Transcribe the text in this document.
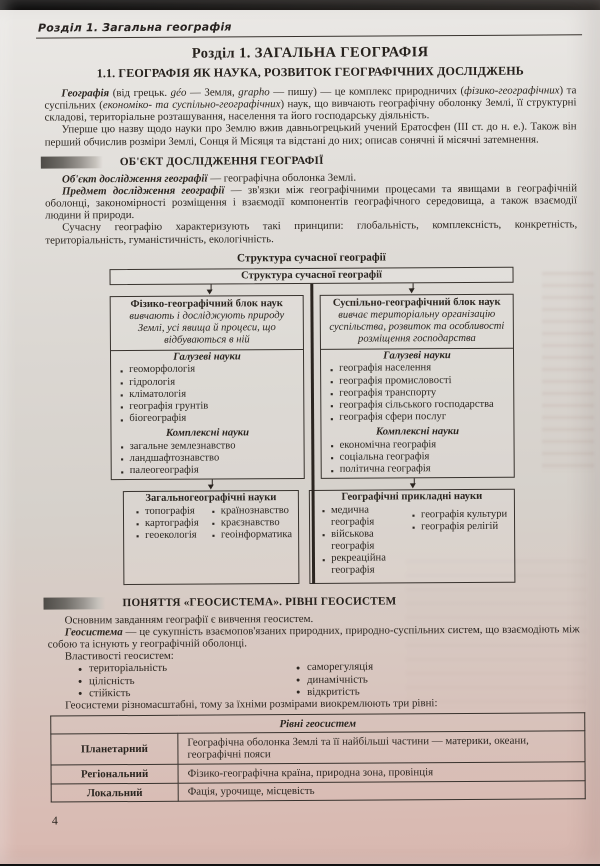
Розділ 1. Загальна географія
Розділ 1. ЗАГАЛЬНА ГЕОГРАФІЯ
1.1. ГЕОГРАФІЯ ЯК НАУКА, РОЗВИТОК ГЕОГРАФІЧНИХ ДОСЛІДЖЕНЬ

Географія (від грецьк. géo — Земля, grapho — пишу) — це комплекс природничих (фізико-географічних) та суспільних (економіко- та суспільно-географічних) наук, що вивчають географічну оболонку Землі, її структурні складові, територіальне розташування, населення та його господарську діяльність.

Уперше цю назву щодо науки про Землю вжив давньогрецький учений Ератосфен (III ст. до н. е.). Також він перший обчислив розміри Землі, Сонця й Місяця та відстані до них; описав сонячні й місячні затемнення.

ОБ'ЄКТ ДОСЛІДЖЕННЯ ГЕОГРАФІЇ

Об'єкт дослідження географії — географічна оболонка Землі.

Предмет дослідження географії — зв'язки між географічними процесами та явищами в географічній оболонці, закономірності розміщення і взаємодії компонентів географічного середовища, а також взаємодії людини й природи.

Сучасну географію характеризують такі принципи: глобальність, комплексність, конкретність, територіальність, гуманістичність, екологічність.

Структура сучасної географії
Структура сучасної географії
Фізико-географічний блок наук
вивчають і досліджують природу Землі, усі явища й процеси, що відбуваються в ній
Галузеві науки
▪ геоморфологія
▪ гідрологія
▪ кліматологія
▪ географія грунтів
▪ біогеографія
Комплексні науки
▪ загальне землезнавство
▪ ландшафтознавство
▪ палеогеографія
Суспільно-географічний блок наук
вивчає територіальну організацію суспільства, розвиток та особливості розміщення господарства
Галузеві науки
▪ географія населення
▪ географія промисловості
▪ географія транспорту
▪ географія сільського господарства
▪ географія сфери послуг
Комплексні науки
▪ економічна географія
▪ соціальна географія
▪ політична географія
Загальногеографічні науки
▪ топографія
▪ картографія
▪ геоекологія
▪ країнознавство
▪ краєзнавство
▪ геоінформатика
Географічні прикладні науки
▪ медична географія
▪ військова географія
▪ рекреаційна географія
▪ географія культури
▪ географія релігій
ПОНЯТТЯ «ГЕОСИСТЕМА». РІВНІ ГЕОСИСТЕМ

Основним завданням географії є вивчення геосистем.

Геосистема — це сукупність взаємопов'язаних природних, природно-суспільних систем, що взаємодіють між собою та існують у географічній оболонці.

Властивості геосистем:

● територіальність
● цілісність
● стійкість
● саморегуляція
● динамічність
● відкритість

Геосистеми різномасштабні, тому за їхніми розмірами виокремлюють три рівні:

Рівні геосистем	
Планетарний	Географічна оболонка Землі та її найбільші частини — материки, океани, географічні пояси
Регіональний	Фізико-географічна країна, природна зона, провінція
Локальний	Фація, урочище, місцевість
4
